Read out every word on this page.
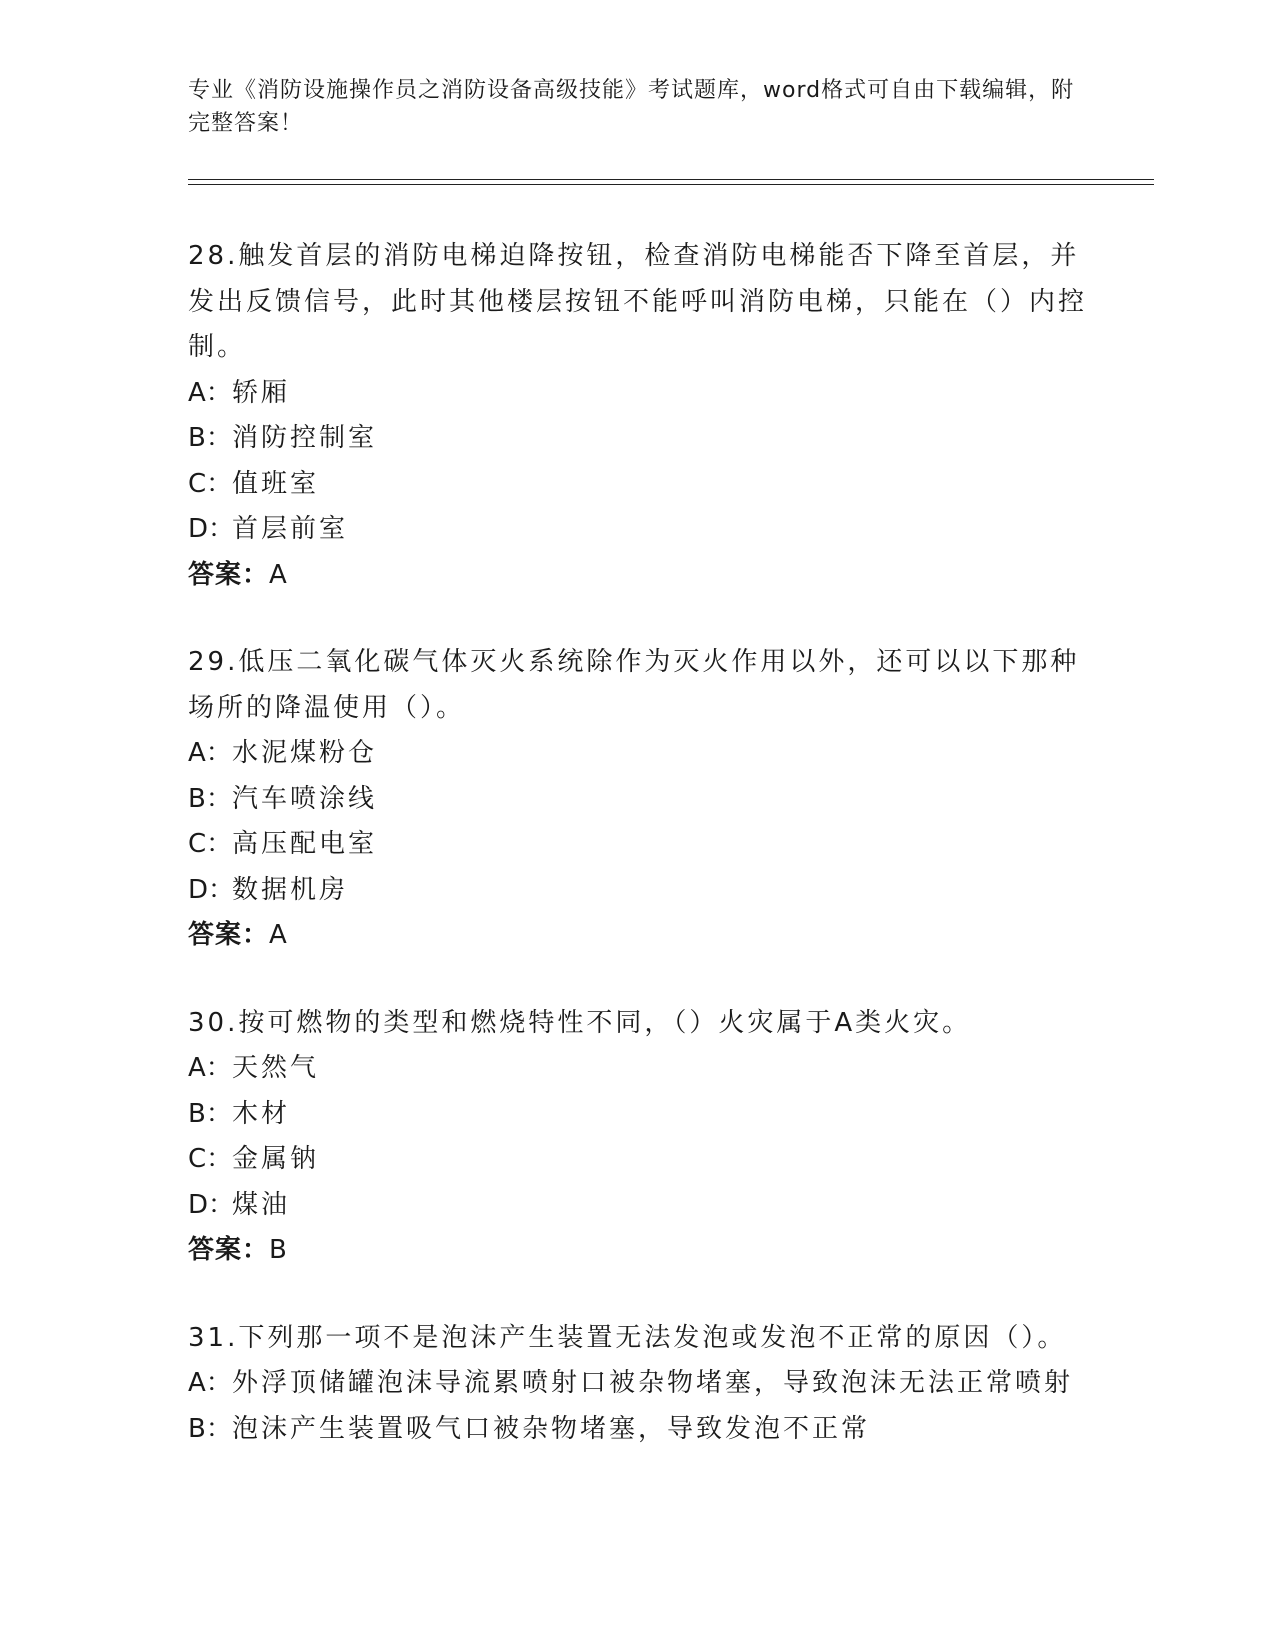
专业《消防设施操作员之消防设备高级技能》考试题库，word格式可自由下载编辑，附完整答案！
28.触发首层的消防电梯迫降按钮，检查消防电梯能否下降至首层，并发出反馈信号，此时其他楼层按钮不能呼叫消防电梯，只能在（）内控制。
A：轿厢
B：消防控制室
C：值班室
D：首层前室
答案：A
29.低压二氧化碳气体灭火系统除作为灭火作用以外，还可以以下那种场所的降温使用（）。
A：水泥煤粉仓
B：汽车喷涂线
C：高压配电室
D：数据机房
答案：A
30.按可燃物的类型和燃烧特性不同，（）火灾属于A类火灾。
A：天然气
B：木材
C：金属钠
D：煤油
答案：B
31.下列那一项不是泡沫产生装置无法发泡或发泡不正常的原因（）。
A：外浮顶储罐泡沫导流累喷射口被杂物堵塞，导致泡沫无法正常喷射
B：泡沫产生装置吸气口被杂物堵塞，导致发泡不正常
